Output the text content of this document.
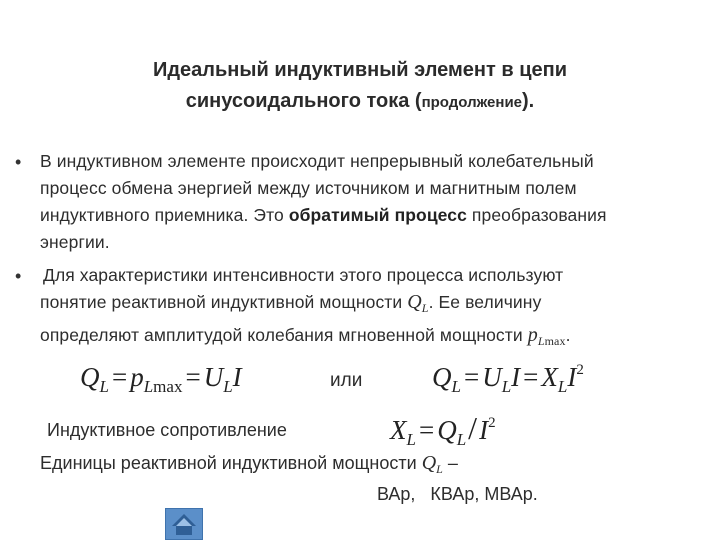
Идеальный индуктивный элемент в цепи
синусоидального тока (продолжение).
• В индуктивном элементе происходит непрерывный колебательный
процесс обмена энергией между источником и магнитным полем
индуктивного приемника. Это обратимый процесс преобразования
энергии.
• Для характеристики интенсивности этого процесса используют
понятие реактивной индуктивной мощности $Q_L$. Ее величину
определяют амплитудой колебания мгновенной мощности $p_{Lmax}$.
$Q_L = p_{Lmax} = U_LI$	или	$Q_L = U_LI = X_LI^2$
Индуктивное сопротивление	$X_L = Q_L/I^2$
Единицы реактивной индуктивной мощности $Q_L$ –
ВАр,   КВАр, МВАр.
